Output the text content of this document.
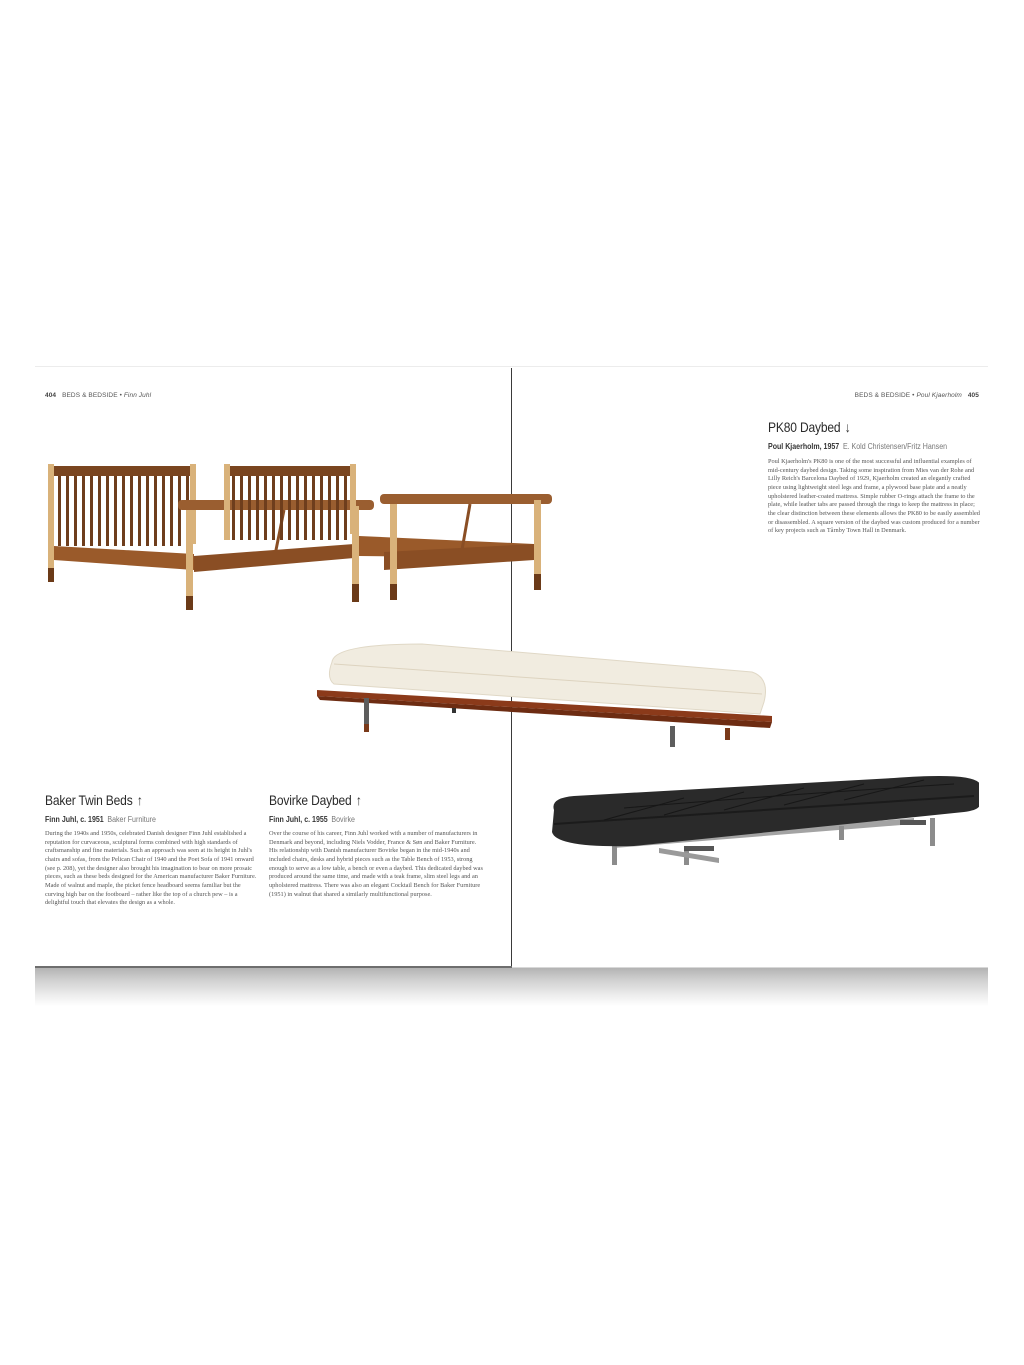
404 BEDS & BEDSIDE • Finn Juhl	BEDS & BEDSIDE • Poul Kjaerholm 405
PK80 Daybed ↓
Poul Kjaerholm, 1957 E. Kold Christensen/Fritz Hansen
Poul Kjaerholm's PK80 is one of the most successful and influential examples of mid-century daybed design. Taking some inspiration from Mies van der Rohe and Lilly Reich's Barcelona Daybed of 1929, Kjaerholm created an elegantly crafted piece using lightweight steel legs and frame, a plywood base plate and a neatly upholstered leather-coated mattress. Simple rubber O-rings attach the frame to the plate, while leather tabs are passed through the rings to keep the mattress in place; the clear distinction between these elements allows the PK80 to be easily assembled or disassembled. A square version of the daybed was custom produced for a number of key projects such as Tårnby Town Hall in Denmark.
Baker Twin Beds ↑
Finn Juhl, c. 1951 Baker Furniture
During the 1940s and 1950s, celebrated Danish designer Finn Juhl established a reputation for curvaceous, sculptural forms combined with high standards of craftsmanship and fine materials. Such an approach was seen at its height in Juhl's chairs and sofas, from the Pelican Chair of 1940 and the Poet Sofa of 1941 onward (see p. 208), yet the designer also brought his imagination to bear on more prosaic pieces, such as these beds designed for the American manufacturer Baker Furniture. Made of walnut and maple, the picket fence headboard seems familiar but the curving high bar on the footboard – rather like the top of a church pew – is a delightful touch that elevates the design as a whole.
Bovirke Daybed ↑
Finn Juhl, c. 1955 Bovirke
Over the course of his career, Finn Juhl worked with a number of manufacturers in Denmark and beyond, including Niels Vodder, France & Søn and Baker Furniture. His relationship with Danish manufacturer Bovirke began in the mid-1940s and included chairs, desks and hybrid pieces such as the Table Bench of 1953, strong enough to serve as a low table, a bench or even a daybed. This dedicated daybed was produced around the same time, and made with a teak frame, slim steel legs and an upholstered mattress. There was also an elegant Cocktail Bench for Baker Furniture (1951) in walnut that shared a similarly multifunctional purpose.
